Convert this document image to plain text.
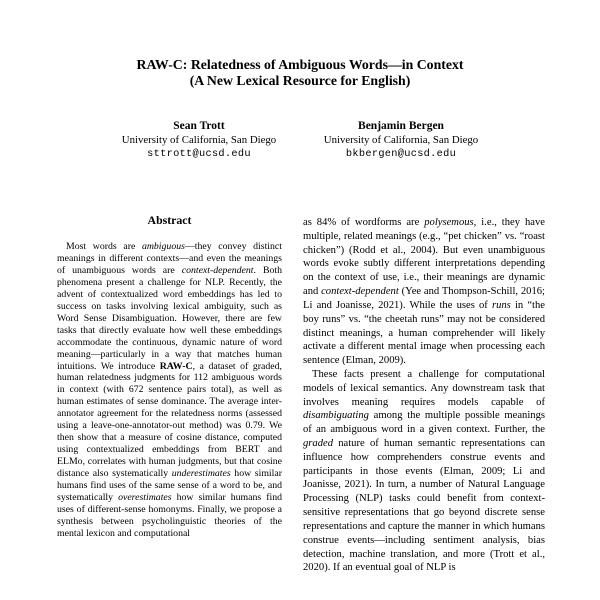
RAW-C: Relatedness of Ambiguous Words—in Context
(A New Lexical Resource for English)
Sean Trott
University of California, San Diego
sttrott@ucsd.edu
Benjamin Bergen
University of California, San Diego
bkbergen@ucsd.edu
Abstract

Most words are ambiguous—they convey distinct meanings in different contexts—and even the meanings of unambiguous words are context-dependent. Both phenomena present a challenge for NLP. Recently, the advent of contextualized word embeddings has led to success on tasks involving lexical ambiguity, such as Word Sense Disambiguation. However, there are few tasks that directly evaluate how well these embeddings accommodate the continuous, dynamic nature of word meaning—particularly in a way that matches human intuitions. We introduce RAW-C, a dataset of graded, human relatedness judgments for 112 ambiguous words in context (with 672 sentence pairs total), as well as human estimates of sense dominance. The average inter-annotator agreement for the relatedness norms (assessed using a leave-one-annotator-out method) was 0.79. We then show that a measure of cosine distance, computed using contextualized embeddings from BERT and ELMo, correlates with human judgments, but that cosine distance also systematically underestimates how similar humans find uses of the same sense of a word to be, and systematically overestimates how similar humans find uses of different-sense homonyms. Finally, we propose a synthesis between psycholinguistic theories of the mental lexicon and computational

as 84% of wordforms are polysemous, i.e., they have multiple, related meanings (e.g., “pet chicken” vs. “roast chicken”) (Rodd et al., 2004). But even unambiguous words evoke subtly different interpretations depending on the context of use, i.e., their meanings are dynamic and context-dependent (Yee and Thompson-Schill, 2016; Li and Joanisse, 2021). While the uses of runs in “the boy runs” vs. “the cheetah runs” may not be considered distinct meanings, a human comprehender will likely activate a different mental image when processing each sentence (Elman, 2009).

These facts present a challenge for computational models of lexical semantics. Any downstream task that involves meaning requires models capable of disambiguating among the multiple possible meanings of an ambiguous word in a given context. Further, the graded nature of human semantic representations can influence how comprehenders construe events and participants in those events (Elman, 2009; Li and Joanisse, 2021). In turn, a number of Natural Language Processing (NLP) tasks could benefit from context-sensitive representations that go beyond discrete sense representations and capture the manner in which humans construe events—including sentiment analysis, bias detection, machine translation, and more (Trott et al., 2020). If an eventual goal of NLP is
